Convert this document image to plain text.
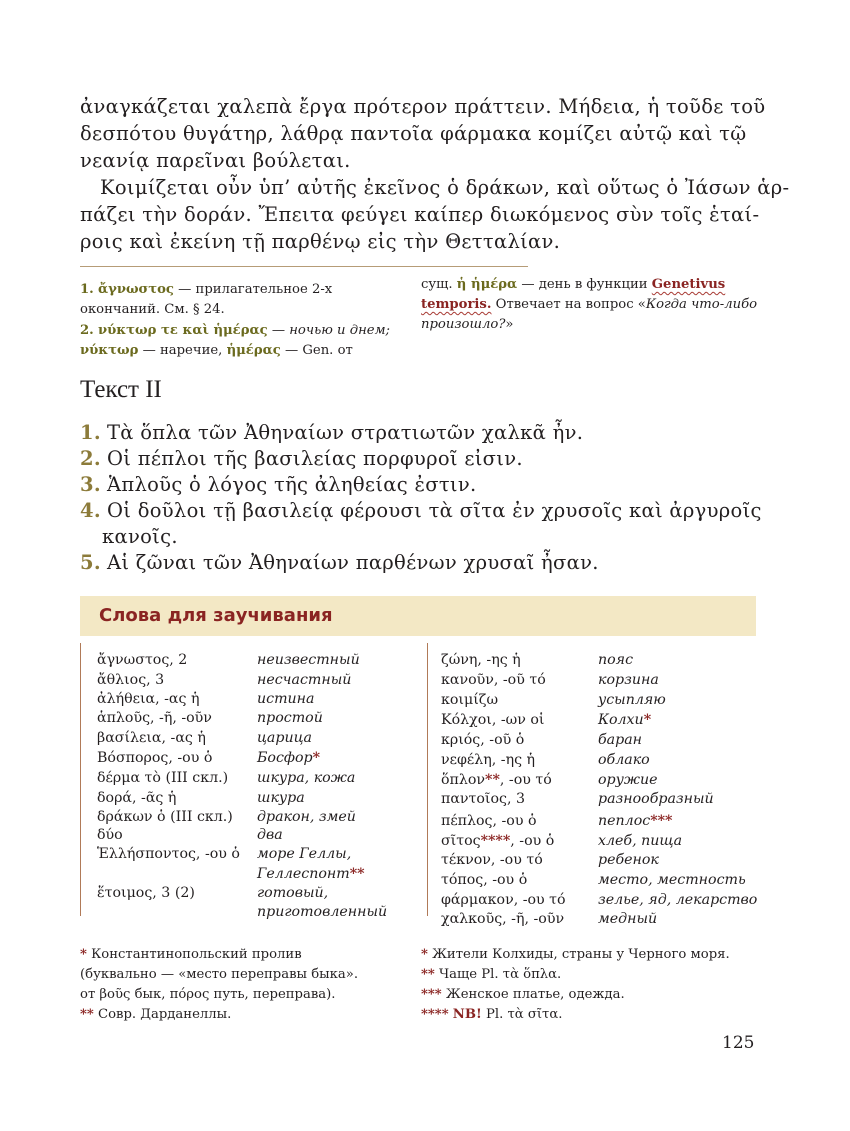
ἀναγκάζεται χαλεπὰ ἔργα πρότερον πράττειν. Μήδεια, ἡ τοῦδε τοῦ
δεσπότου θυγάτηρ, λάθρᾳ παντοῖα φάρμακα κομίζει αὐτῷ καὶ τῷ
νεανίᾳ παρεῖναι βούλεται.

Κοιμίζεται οὖν ὑπ’ αὐτῆς ἐκεῖνος ὁ δράκων, καὶ οὕτως ὁ Ἰάσων ἁρ-
πάζει τὴν δοράν. Ἔπειτα φεύγει καίπερ διωκόμενος σὺν τοῖς ἑταί-
ροις καὶ ἐκείνη τῇ παρθένῳ εἰς τὴν Θετταλίαν.

1. ἄγνωστος — прилагательное 2-х
окончаний. См. § 24.
2. νύκτωρ τε καὶ ἡμέρας — ночью и днем;
νύκτωρ — наречие, ἡμέρας — Gen. от
сущ. ἡ ἡμέρα — день в функции Genetivus
temporis. Отвечает на вопрос «Когда что-либо
произошло?»
Текст II
1. Τὰ ὅπλα τῶν Ἀθηναίων στρατιωτῶν χαλκᾶ ἦν.
2. Οἱ πέπλοι τῆς βασιλείας πορφυροῖ εἰσιν.
3. Ἁπλοῦς ὁ λόγος τῆς ἀληθείας ἐστιν.
4. Οἱ δοῦλοι τῇ βασιλείᾳ φέρουσι τὰ σῖτα ἐν χρυσοῖς καὶ ἀργυροῖς
κανοῖς.
5. Αἱ ζῶναι τῶν Ἀθηναίων παρθένων χρυσαῖ ἦσαν.
Слова для заучивания
ἄγνωστος, 2	неизвестный
ἄθλιος, 3	несчастный
ἀλήθεια, -ας ἡ	истина
ἁπλοῦς, -ῆ, -οῦν	простой
βασίλεια, -ας ἡ	царица
Βόσπορος, -ου ὁ	Босфор*
δέρμα τὸ (III скл.) шкура, кожа
δορά, -ᾶς ἡ	шкура
δράκων ὁ (III скл.) дракон, змей
δύο	два
Ἑλλήσποντος, -ου ὁ море Геллы,
Геллеспонт**
ἕτοιμος, 3 (2)	готовый,
приготовленный
ζώνη, -ης ἡ	пояс
κανοῦν, -οῦ τό	корзина
κοιμίζω	усыпляю
Κόλχοι, -ων οἱ	Колхи*
κριός, -οῦ ὁ	баран
νεφέλη, -ης ἡ	облако
ὅπλον**, -ου τό	оружие
παντοῖος, 3	разнообразный
πέπλος, -ου ὁ	пеплос***
σῖτος****, -ου ὁ	хлеб, пища
τέκνον, -ου τό	ребенок
τόπος, -ου ὁ	место, местность
φάρμακον, -ου τό зелье, яд, лекарство
χαλκοῦς, -ῆ, -οῦν медный
* Константинопольский пролив
(буквально — «место переправы быка».
от βοῦς бык, πόρος путь, переправа).
** Совр. Дарданеллы.
* Жители Колхиды, страны у Черного моря.
** Чаще Pl. τὰ ὅπλα.
*** Женское платье, одежда.
**** NB! Pl. τὰ σῖτα.
125
